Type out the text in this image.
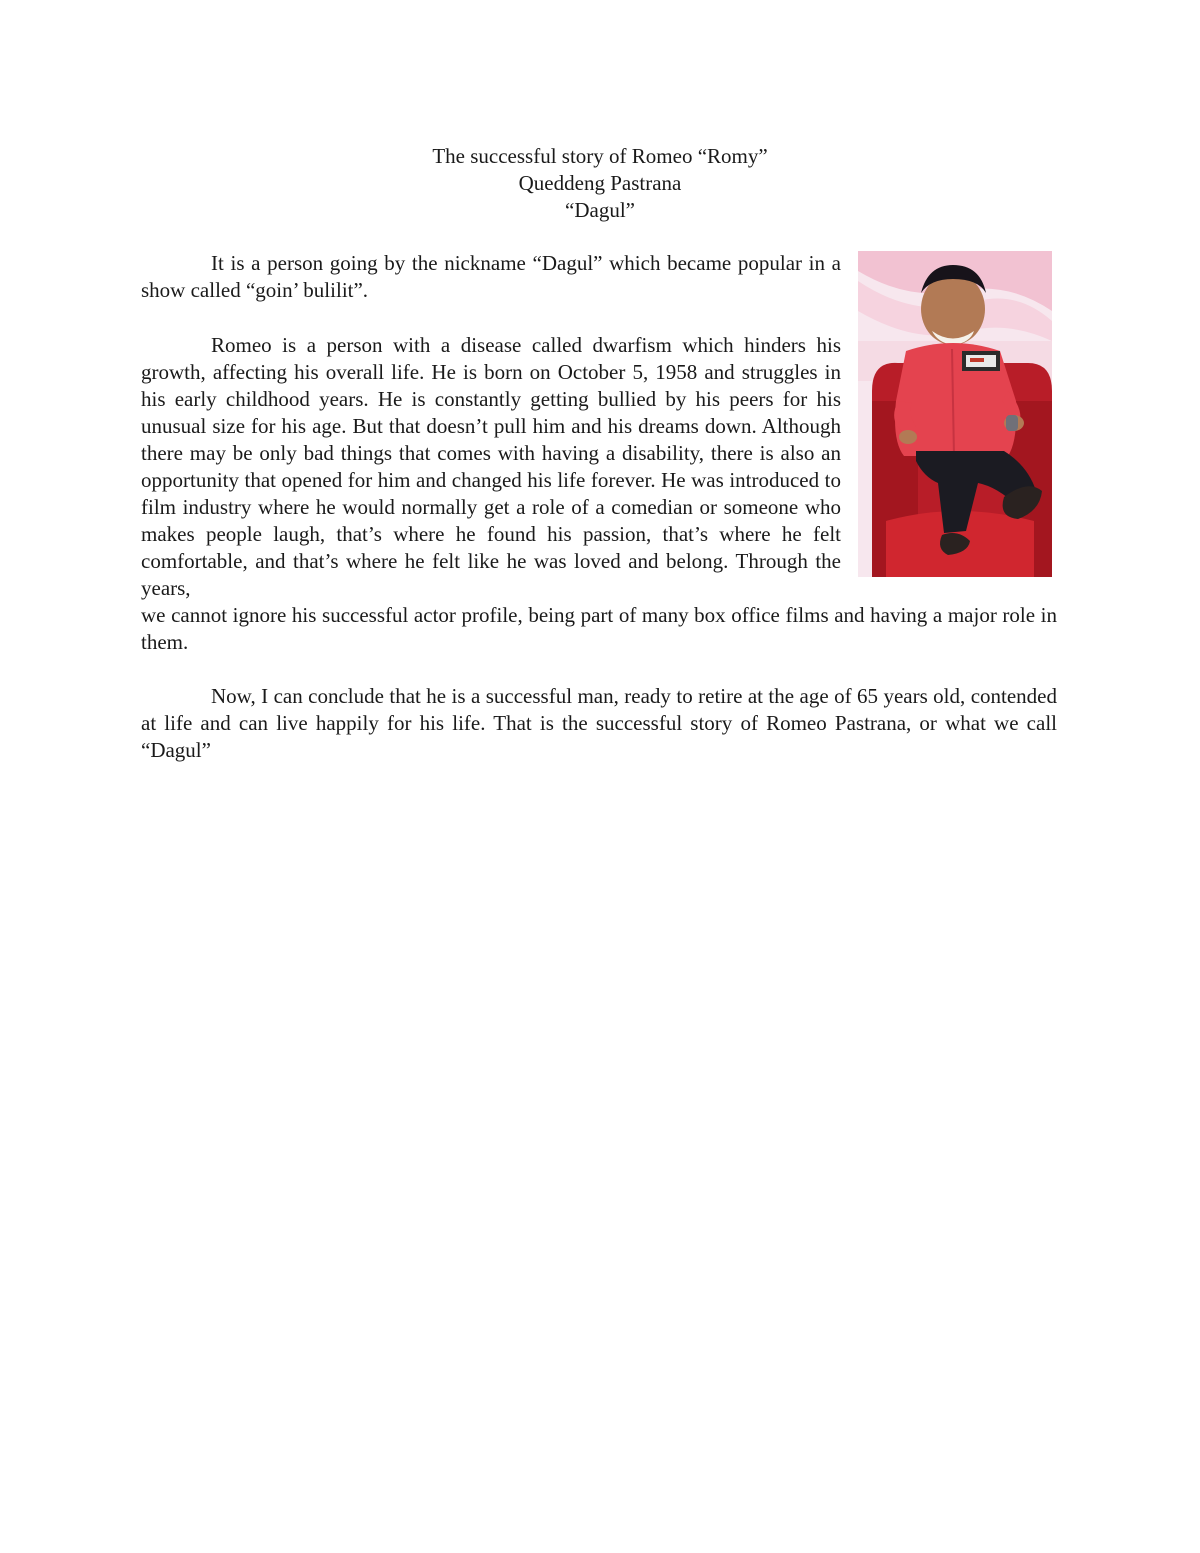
The successful story of Romeo “Romy”
Queddeng Pastrana
“Dagul”

It is a person going by the nickname “Dagul” which became popular in a show called “goin’ bulilit”.

Romeo is a person with a disease called dwarfism which hinders his growth, affecting his overall life. He is born on October 5, 1958 and struggles in his early childhood years. He is constantly getting bullied by his peers for his unusual size for his age. But that doesn’t pull him and his dreams down. Although there may be only bad things that comes with having a disability, there is also an opportunity that opened for him and changed his life forever. He was introduced to film industry where he would normally get a role of a comedian or someone who makes people laugh, that’s where he found his passion, that’s where he felt comfortable, and that’s where he felt like he was loved and belong. Through the years,

we cannot ignore his successful actor profile, being part of many box office films and having a major role in them.

Now, I can conclude that he is a successful man, ready to retire at the age of 65 years old, contended at life and can live happily for his life. That is the successful story of Romeo Pastrana, or what we call “Dagul”
